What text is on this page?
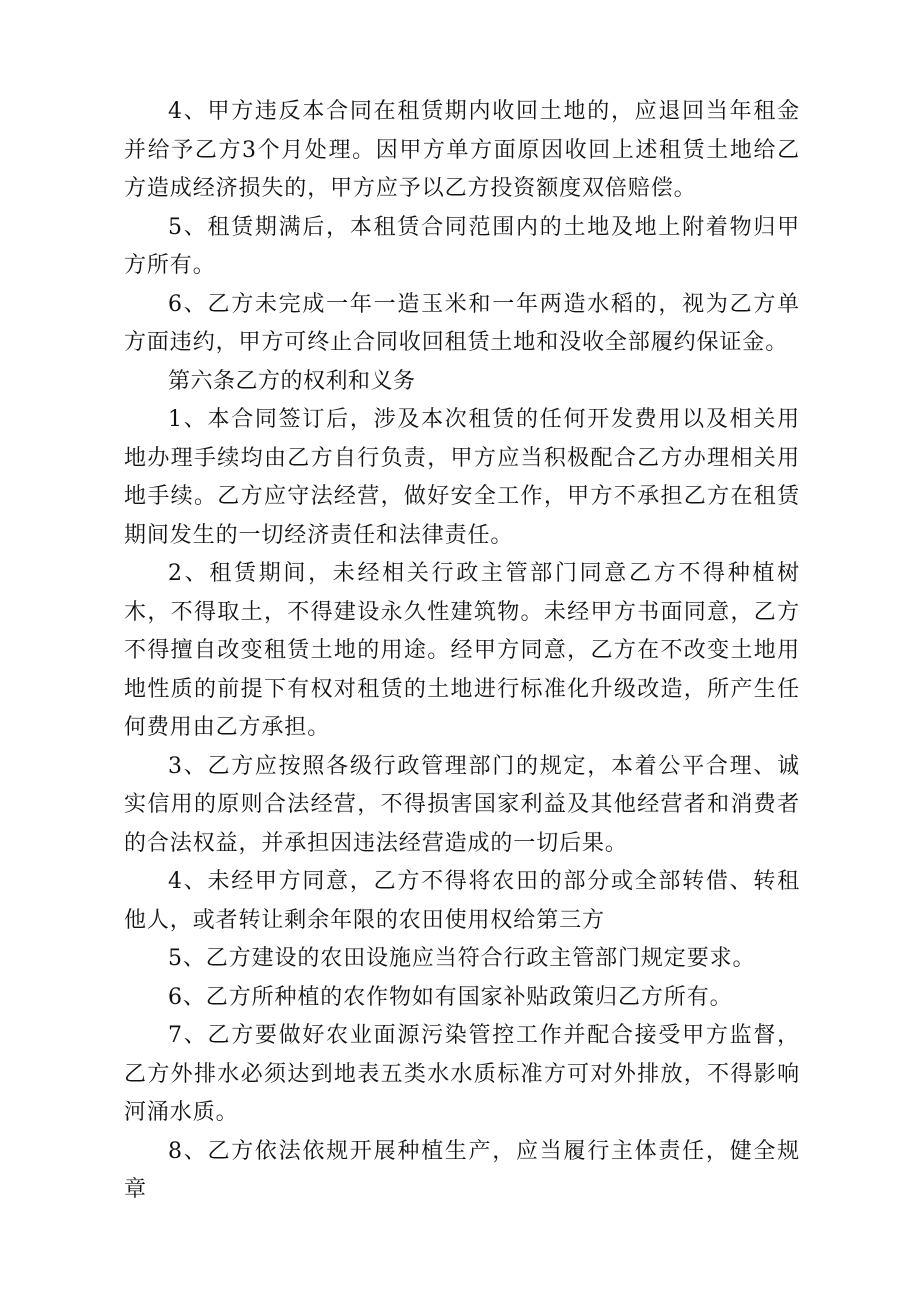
4、甲方违反本合同在租赁期内收回土地的，应退回当年租金并给予乙方3个月处理。因甲方单方面原因收回上述租赁土地给乙方造成经济损失的，甲方应予以乙方投资额度双倍赔偿。

5、租赁期满后，本租赁合同范围内的土地及地上附着物归甲方所有。

6、乙方未完成一年一造玉米和一年两造水稻的，视为乙方单方面违约，甲方可终止合同收回租赁土地和没收全部履约保证金。

第六条乙方的权利和义务

1、本合同签订后，涉及本次租赁的任何开发费用以及相关用地办理手续均由乙方自行负责，甲方应当积极配合乙方办理相关用地手续。乙方应守法经营，做好安全工作，甲方不承担乙方在租赁期间发生的一切经济责任和法律责任。

2、租赁期间，未经相关行政主管部门同意乙方不得种植树木，不得取土，不得建设永久性建筑物。未经甲方书面同意，乙方不得擅自改变租赁土地的用途。经甲方同意，乙方在不改变土地用地性质的前提下有权对租赁的土地进行标准化升级改造，所产生任何费用由乙方承担。

3、乙方应按照各级行政管理部门的规定，本着公平合理、诚实信用的原则合法经营，不得损害国家利益及其他经营者和消费者的合法权益，并承担因违法经营造成的一切后果。

4、未经甲方同意，乙方不得将农田的部分或全部转借、转租他人，或者转让剩余年限的农田使用权给第三方

5、乙方建设的农田设施应当符合行政主管部门规定要求。

6、乙方所种植的农作物如有国家补贴政策归乙方所有。

7、乙方要做好农业面源污染管控工作并配合接受甲方监督，乙方外排水必须达到地表五类水水质标准方可对外排放，不得影响河涌水质。

8、乙方依法依规开展种植生产，应当履行主体责任，健全规章
